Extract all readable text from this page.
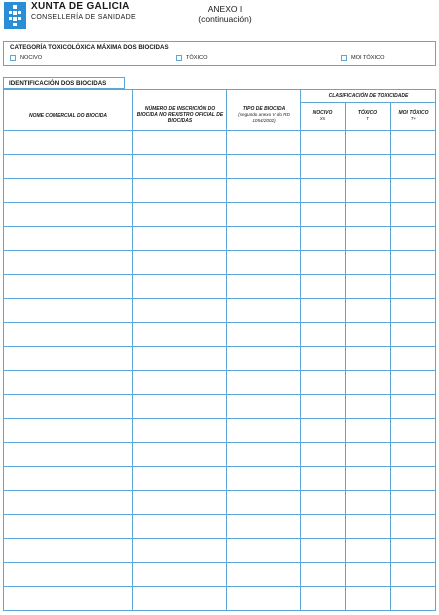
XUNTA DE GALICIA
CONSELLERÍA DE SANIDADE
ANEXO I
(continuación)
CATEGORÍA TOXICOLÓXICA MÁXIMA DOS BIOCIDAS
NOCIVO	TÓXICO	MOI TÓXICO
IDENTIFICACIÓN DOS BIOCIDAS
NOME COMERCIAL DO BIOCIDA
NÚMERO DE INSCRICIÓN DO BIOCIDA NO REXISTRO OFICIAL DE BIOCIDAS
TIPO DE BIOCIDA
(segundo anexo V do RD 1054/2002)
CLASIFICACIÓN DE TOXICIDADE
NOCIVO
Xn
TÓXICO
T
MOI TÓXICO
T+
